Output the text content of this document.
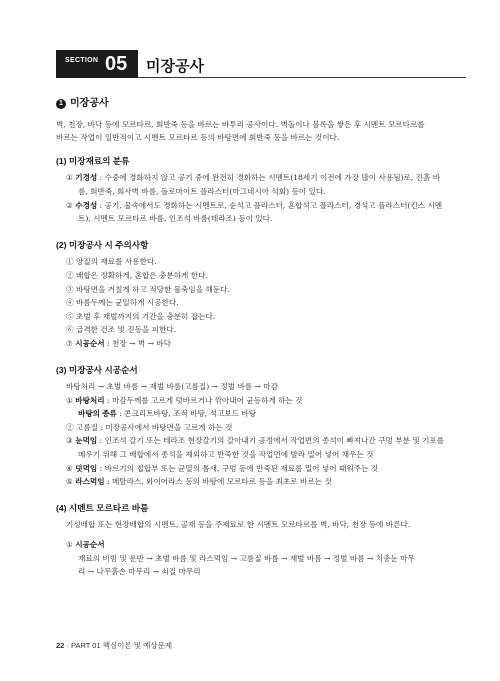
SECTION 05 미장공사
1 미장공사
벽, 천장, 바닥 등에 모르타르, 회반죽 등을 바르는 바투리 공사이다. 벽돌이나 블록을 쌓은 후 시멘트 모르타르를
바르는 작업이 일반적이고 시멘트 모르타르 등의 바탕면에 회반죽 등을 바르는 것이다.
(1) 미장재료의 분류

① 기경성 : 수중에 경화하지 않고 공기 중에 완전히 경화하는 시멘트(18세기 이전에 가장 많이 사용됨)로, 진흙 바름, 회반죽, 회사벽 바름, 돌로마이트 플라스터(마그네시아 석회) 등이 있다.

② 수경성 : 공기, 물속에서도 경화하는 시멘트로, 순석고 플라스터, 혼합석고 플라스터, 경석고 플라스터(킨스 시멘트), 시멘트 모르타르 바름, 인조석 바름(테라조) 등이 있다.

(2) 미장공사 시 주의사항

① 양질의 재료를 사용한다.

② 배합은 정확하게, 혼합은 충분하게 한다.

③ 바탕면을 거칠게 하고 적당한 물축임을 해둔다.

④ 바름두께는 균일하게 시공한다.

⑤ 초벌 후 재벌까지의 기간을 충분히 잡는다.

⑥ 급격한 건조 및 진동을 피한다.

⑦ 시공순서 : 천장 → 벽 → 바닥

(3) 미장공사 시공순서

바탕처리 → 초벌 바름 → 재벌 바름(고름질) → 정벌 바름 → 마감

① 바탕처리 : 마감두께를 고르게 덧바르거나 깎아내어 균등하게 하는 것

바탕의 종류 : 콘크리트바탕, 조적 바탕, 석고보드 바탕

② 고름질 : 미장공사에서 바탕면을 고르게 하는 것

③ 눈먹임 : 인조석 갈기 또는 테라조 현장갈기의 갈아내기 공정에서 작업면의 종석이 빠져나간 구멍 부분 및 기포를 메우기 위해 그 배합에서 종석을 제외하고 반죽한 것을 작업면에 발라 밀어 넣어 채우는 것

④ 덧먹임 : 바르기의 접합부 또는 균열의 틈새, 구멍 등에 반죽된 재료를 밀어 넣어 때워주는 것

⑤ 라스먹임 : 메탈라스, 와이어라스 등의 바탕에 모르타르 등을 최초로 바르는 것

(4) 시멘트 모르타르 바름

기성배합 또는 현장배합의 시멘트, 골재 등을 주재료로 한 시멘트 모르타르를 벽, 바닥, 천장 등에 바른다.

① 시공순서

재료의 비빔 및 운반 → 초벌 바름 및 라스먹임 → 고름질 바름 → 재벌 바름 → 정벌 바름 → 치총눈 마무

리 → 나무흙손 마무리 → 쇠질 마무리

22 · PART 01 핵심이론 및 예상문제
